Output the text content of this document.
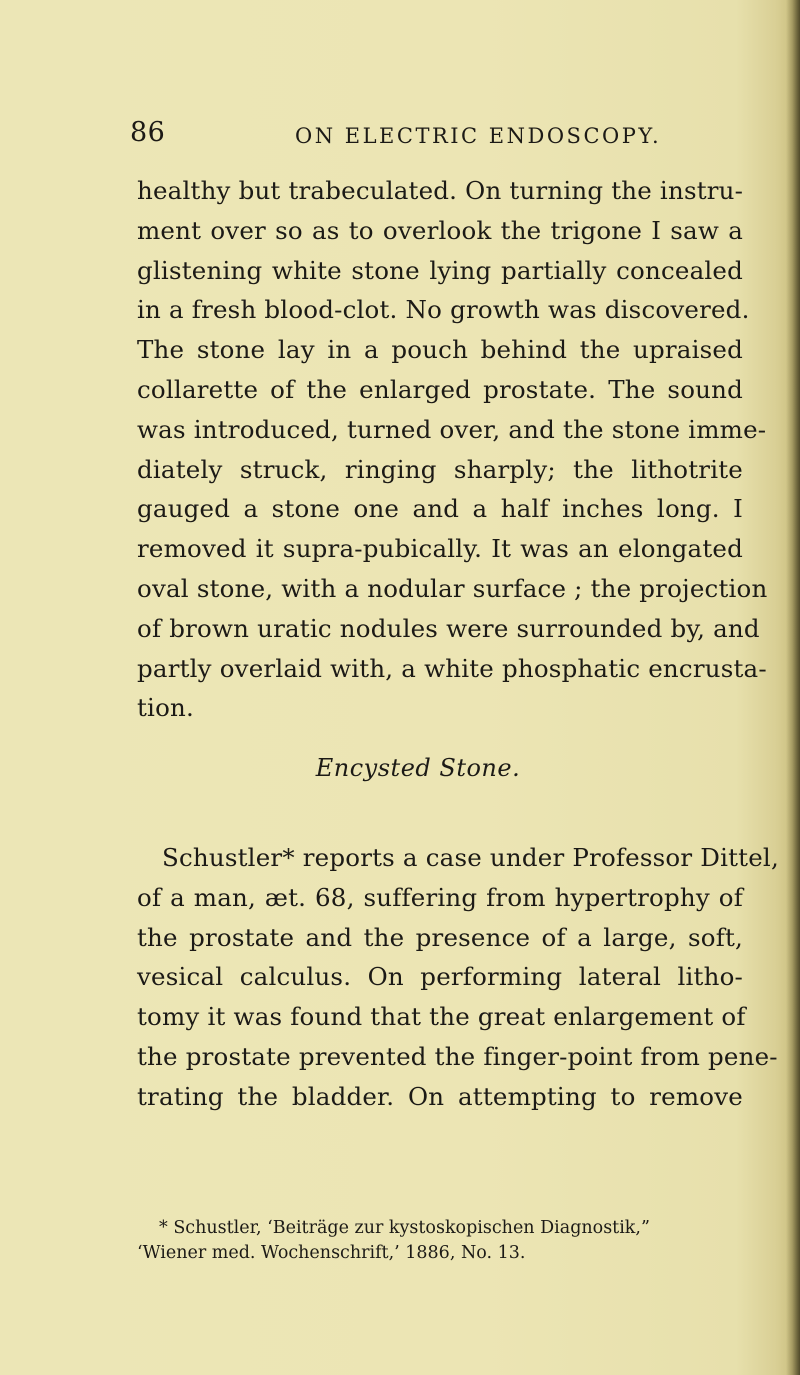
86	ON ELECTRIC ENDOSCOPY.
healthy but trabeculated. On turning the instru-
ment over so as to overlook the trigone I saw a
glistening white stone lying partially concealed
in a fresh blood-clot. No growth was discovered.
The stone lay in a pouch behind the upraised
collarette of the enlarged prostate. The sound
was introduced, turned over, and the stone imme-
diately struck, ringing sharply; the lithotrite
gauged a stone one and a half inches long. I
removed it supra-pubically. It was an elongated
oval stone, with a nodular surface ; the projection
of brown uratic nodules were surrounded by, and
partly overlaid with, a white phosphatic encrusta-
tion.
Encysted Stone.
Schustler* reports a case under Professor Dittel,
of a man, æt. 68, suffering from hypertrophy of
the prostate and the presence of a large, soft,
vesical calculus. On performing lateral litho-
tomy it was found that the great enlargement of
the prostate prevented the finger-point from pene-
trating the bladder. On attempting to remove
* Schustler, ‘Beiträge zur kystoskopischen Diagnostik,”
‘Wiener med. Wochenschrift,’ 1886, No. 13.
